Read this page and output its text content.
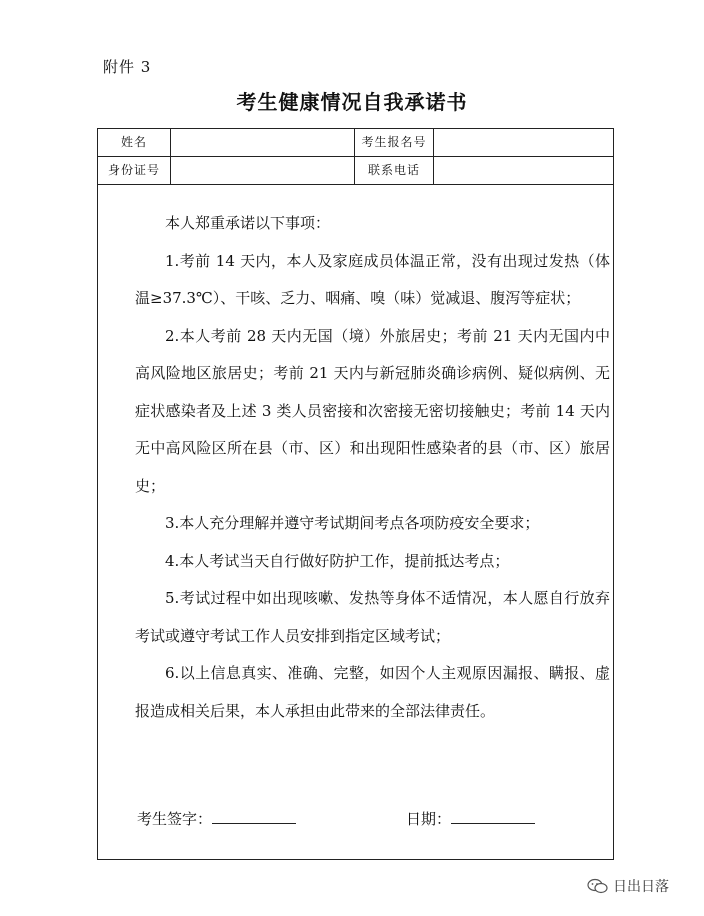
附件 3
考生健康情况自我承诺书
姓名	考生报名号
身份证号	联系电话

本人郑重承诺以下事项：

1.考前 14 天内，本人及家庭成员体温正常，没有出现过发热（体温≥37.3℃）、干咳、乏力、咽痛、嗅（味）觉减退、腹泻等症状；

2.本人考前 28 天内无国（境）外旅居史；考前 21 天内无国内中高风险地区旅居史；考前 21 天内与新冠肺炎确诊病例、疑似病例、无症状感染者及上述 3 类人员密接和次密接无密切接触史；考前 14 天内无中高风险区所在县（市、区）和出现阳性感染者的县（市、区）旅居史；

3.本人充分理解并遵守考试期间考点各项防疫安全要求；

4.本人考试当天自行做好防护工作，提前抵达考点；

5.考试过程中如出现咳嗽、发热等身体不适情况，本人愿自行放弃考试或遵守考试工作人员安排到指定区域考试；

6.以上信息真实、准确、完整，如因个人主观原因漏报、瞒报、虚报造成相关后果，本人承担由此带来的全部法律责任。

考生签字：	日期：
日出日落
